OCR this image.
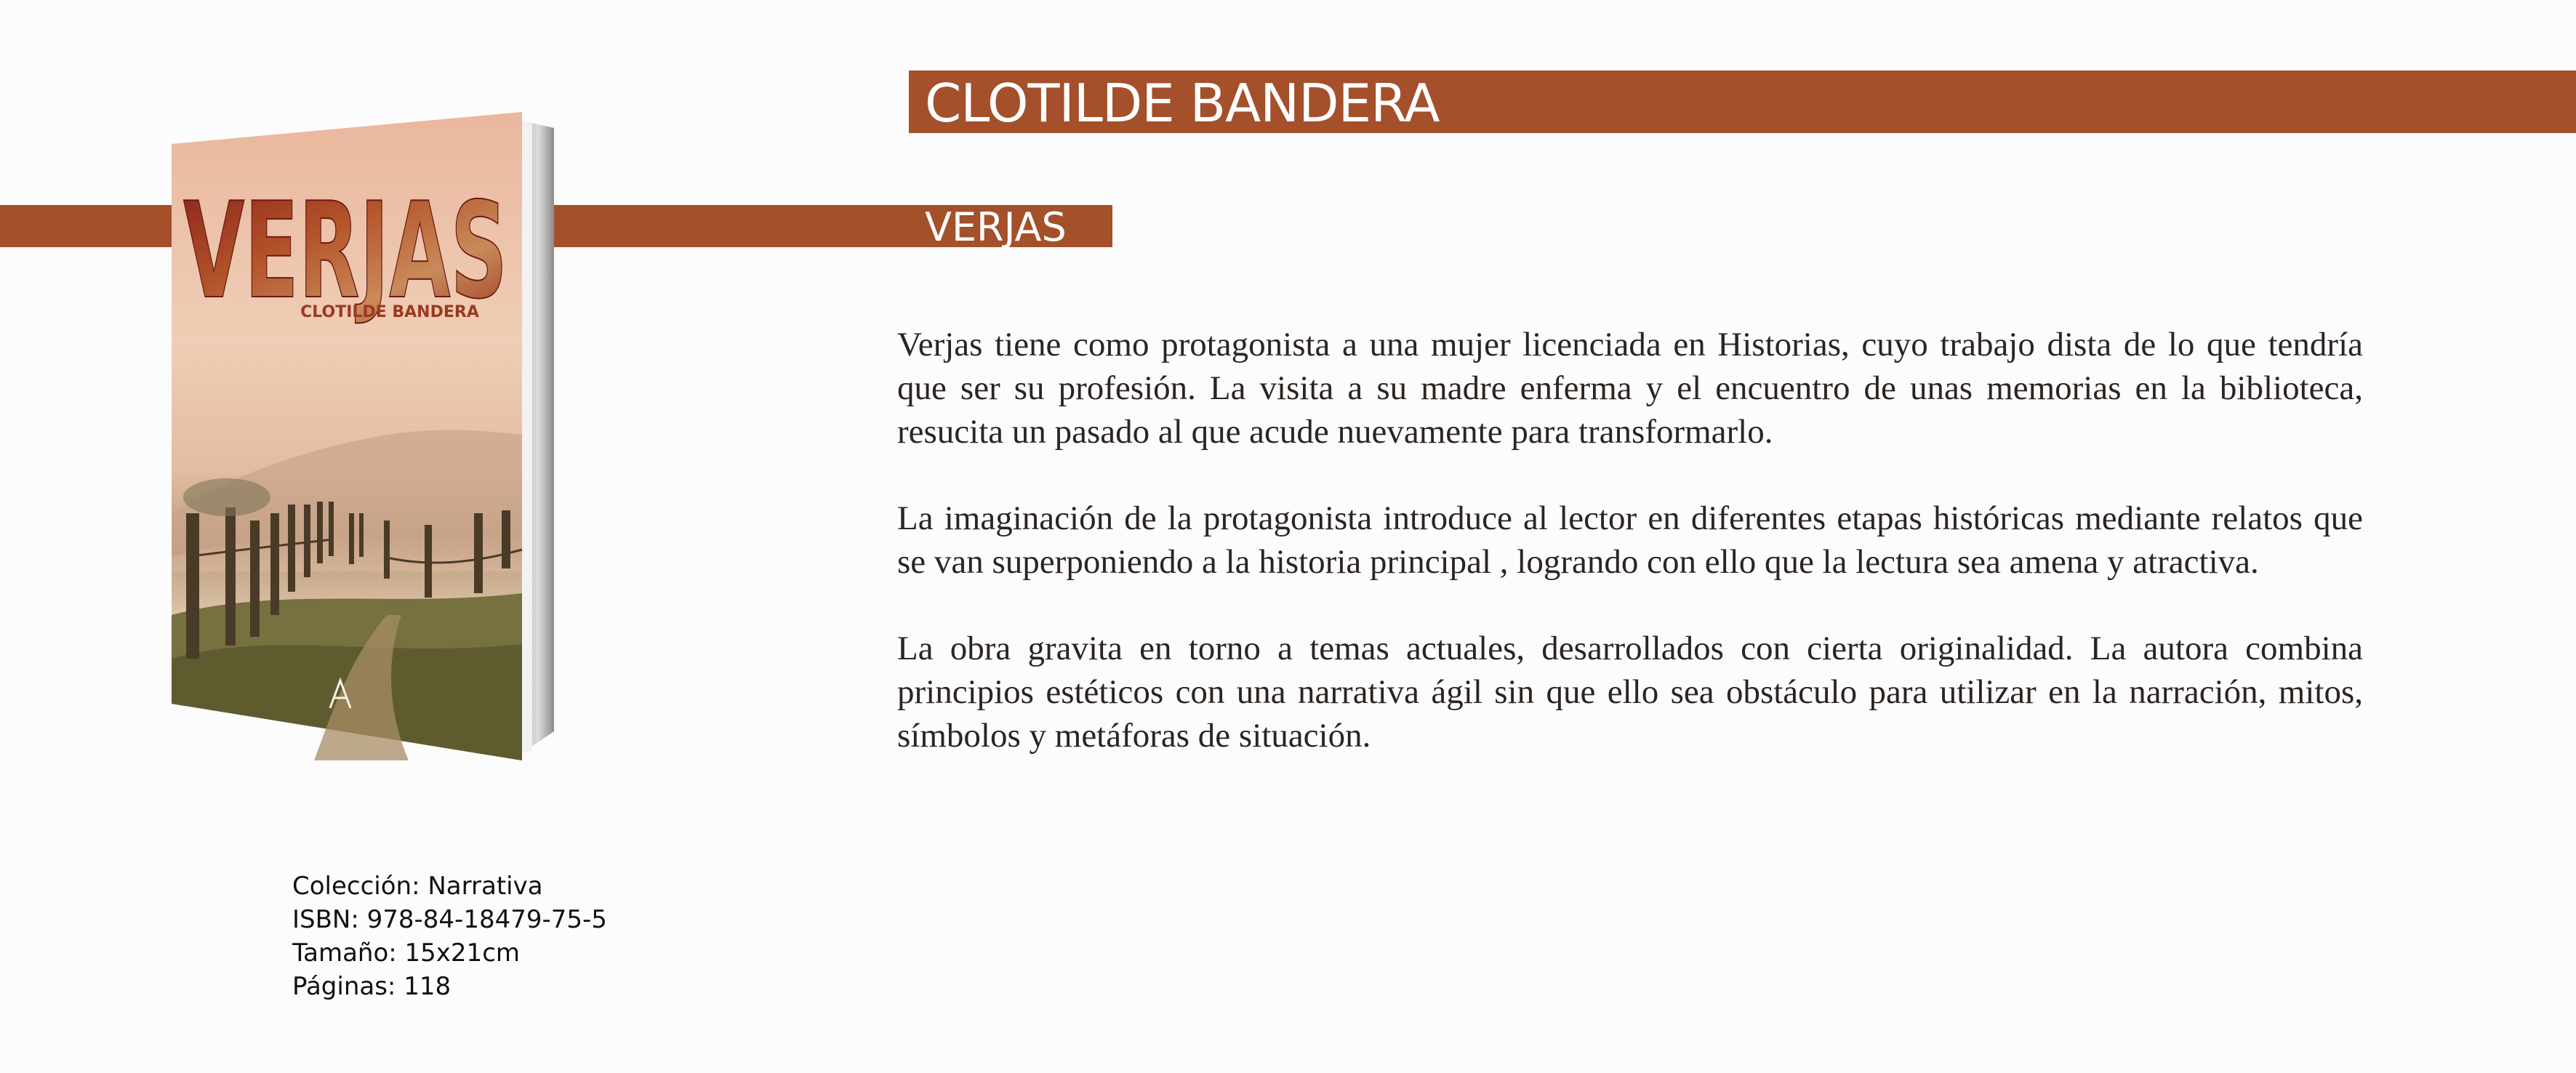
CLOTILDE BANDERA
VERJAS
VERJAS
CLOTILDE BANDERA

Verjas tiene como protagonista a una mujer licenciada en Historias, cuyo trabajo dista de lo que tendría que ser su profesión. La visita a su madre enferma y el encuentro de unas memorias en la biblioteca, resucita un pasado al que acude nuevamente para transformarlo.

La imaginación de la protagonista introduce al lector en diferentes etapas históricas mediante relatos que se van superponiendo a la historia principal , logrando con ello que la lectura sea amena y atractiva.

La obra gravita en torno a temas actuales, desarrollados con cierta originalidad. La autora combina principios estéticos con una narrativa ágil sin que ello sea obstáculo para utilizar en la narración, mitos, símbolos y metáforas de situación.

Colección: Narrativa
ISBN: 978-84-18479-75-5
Tamaño: 15x21cm
Páginas: 118
